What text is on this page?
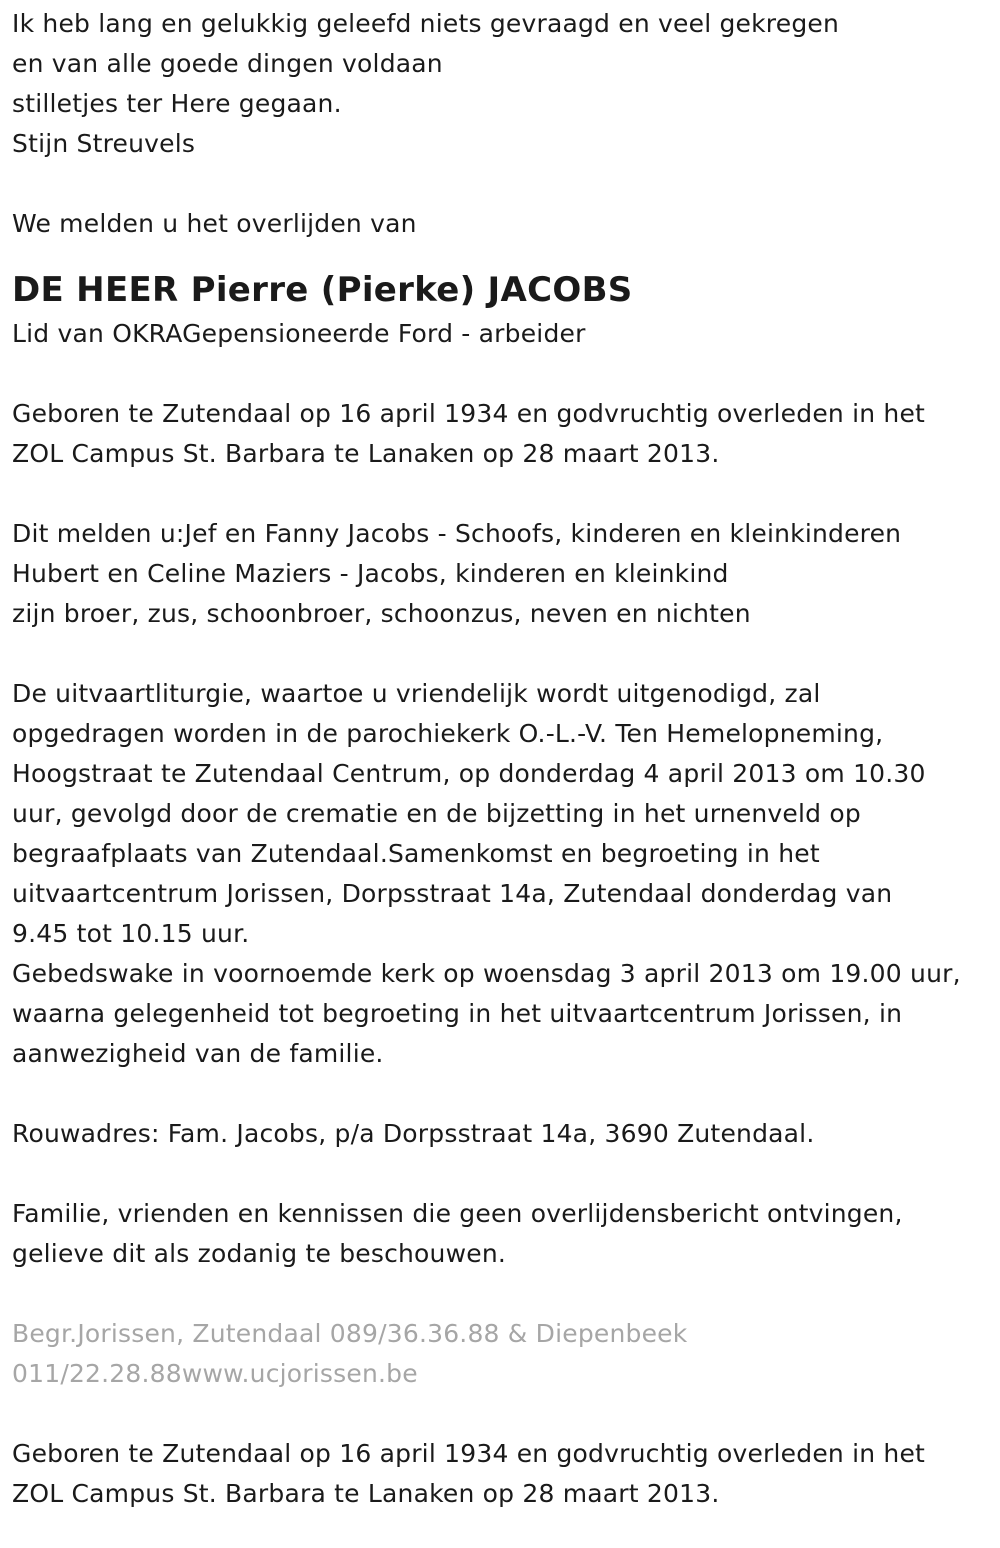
Ik heb lang en gelukkig geleefd niets gevraagd en veel gekregen

en van alle goede dingen voldaan

stilletjes ter Here gegaan.

Stijn Streuvels

We melden u het overlijden van

DE HEER Pierre (Pierke) JACOBS

Lid van OKRAGepensioneerde Ford - arbeider

Geboren te Zutendaal op 16 april 1934 en godvruchtig overleden in het

ZOL Campus St. Barbara te Lanaken op 28 maart 2013.

Dit melden u:Jef en Fanny Jacobs - Schoofs, kinderen en kleinkinderen

Hubert en Celine Maziers - Jacobs, kinderen en kleinkind

zijn broer, zus, schoonbroer, schoonzus, neven en nichten

De uitvaartliturgie, waartoe u vriendelijk wordt uitgenodigd, zal

opgedragen worden in de parochiekerk O.-L.-V. Ten Hemelopneming,

Hoogstraat te Zutendaal Centrum, op donderdag 4 april 2013 om 10.30

uur, gevolgd door de crematie en de bijzetting in het urnenveld op

begraafplaats van Zutendaal.Samenkomst en begroeting in het

uitvaartcentrum Jorissen, Dorpsstraat 14a, Zutendaal donderdag van

9.45 tot 10.15 uur.

Gebedswake in voornoemde kerk op woensdag 3 april 2013 om 19.00 uur,

waarna gelegenheid tot begroeting in het uitvaartcentrum Jorissen, in

aanwezigheid van de familie.

Rouwadres: Fam. Jacobs, p/a Dorpsstraat 14a, 3690 Zutendaal.

Familie, vrienden en kennissen die geen overlijdensbericht ontvingen,

gelieve dit als zodanig te beschouwen.

Begr.Jorissen, Zutendaal 089/36.36.88 & Diepenbeek

011/22.28.88www.ucjorissen.be

Geboren te Zutendaal op 16 april 1934 en godvruchtig overleden in het

ZOL Campus St. Barbara te Lanaken op 28 maart 2013.
